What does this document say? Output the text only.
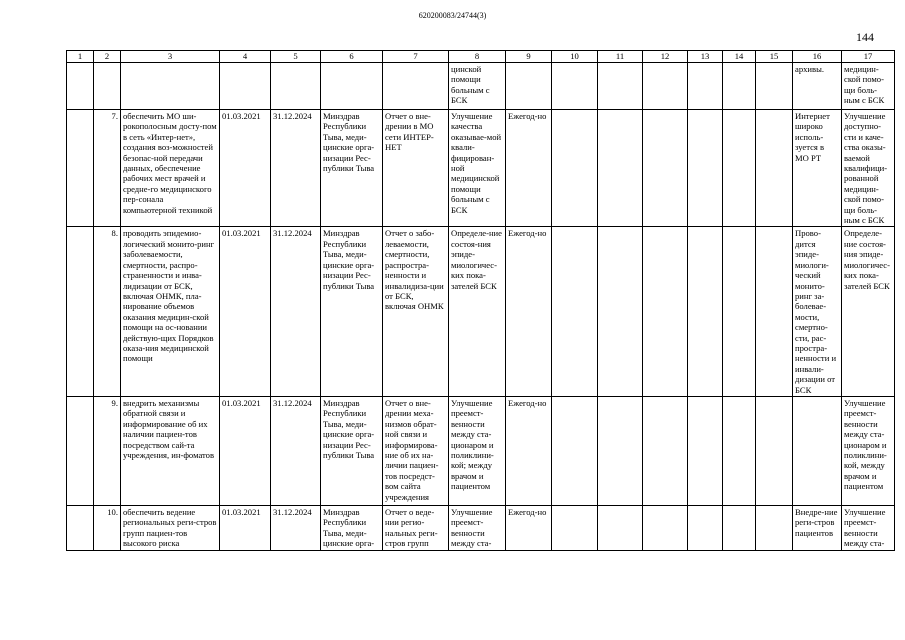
620200083/24744(3)
144
1	2	3	4	5	6	7	8	9	10	11	12	13	14	15	16	17
							цинской помощи больным с БСК								архивы.	медицин-ской помо-щи боль-ным с БСК
	7.	обеспечить МО ши-рокополосным досту-пом в сеть «Интер-нет», создания воз-можностей безопас-ной передачи данных, обеспечение рабочих мест врачей и средне-го медицинского пер-сонала компьютерной техникой	01.03.2021	31.12.2024	Минздрав Республики Тыва, меди-цинские орга-низации Рес-публики Тыва	Отчет о вне-дрении в МО сети ИНТЕР-НЕТ	Улучшение качества оказывае-мой квали-фицирован-ной медицинской помощи больным с БСК	Ежегод-но							Интернет широко исполь-зуется в МО РТ	Улучшение доступно-сти и каче-ства оказы-ваемой квалифици-рованной медицин-ской помо-щи боль-ным с БСК
	8.	проводить эпидемио-логический монито-ринг заболеваемости, смертности, распро-страненности и инва-лидизации от БСК, включая ОНМК, пла-нирование объемов оказания медицин-ской помощи на ос-новании действую-щих Порядков оказа-ния медицинской помощи	01.03.2021	31.12.2024	Минздрав Республики Тыва, меди-цинские орга-низации Рес-публики Тыва	Отчет о забо-леваемости, смертности, распростра-ненности и инвалидиза-ции от БСК, включая ОНМК	Определе-ние состоя-ния эпиде-миологичес-ких пока-зателей БСК	Ежегод-но							Прово-дится эпиде-миологи-ческий монито-ринг за-болевае-мости, смертно-сти, рас-простра-ненности и инвали-дизации от БСК	Определе-ние состоя-ния эпиде-миологичес-ких пока-зателей БСК
	9.	внедрить механизмы обратной связи и информирование об их наличии пациен-тов посредством сай-та учреждения, ин-фоматов	01.03.2021	31.12.2024	Минздрав Республики Тыва, меди-цинские орга-низации Рес-публики Тыва	Отчет о вне-дрении меха-низмов обрат-ной связи и информирова-ние об их на-личии пациен-тов посредст-вом сайта учреждения	Улучшение преемст-венности между ста-ционаром и поликлини-кой; между врачом и пациентом	Ежегод-но								Улучшение преемст-венности между ста-ционаром и поликлини-кой, между врачом и пациентом
	10.	обеспечить ведение региональных реги-стров групп пациен-тов высокого риска	01.03.2021	31.12.2024	Минздрав Республики Тыва, меди-цинские орга-	Отчет о веде-нии регио-нальных реги-стров групп	Улучшение преемст-венности между ста-	Ежегод-но							Внедре-ние реги-стров пациентов	Улучшение преемст-венности между ста-
